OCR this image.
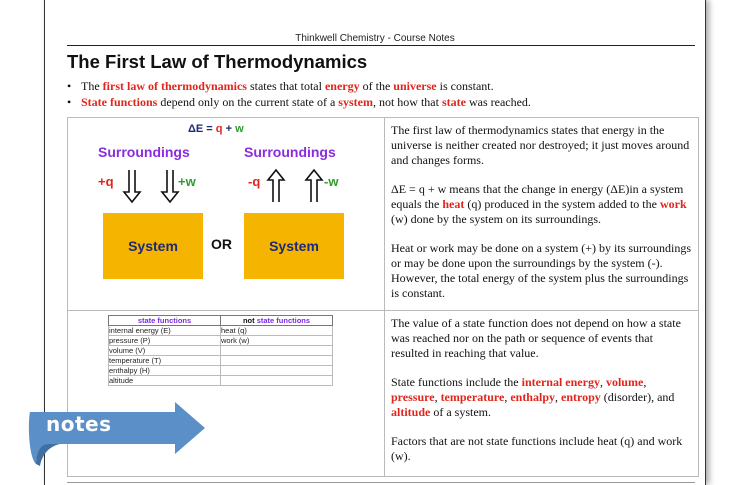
Thinkwell Chemistry - Course Notes
The First Law of Thermodynamics
• The first law of thermodynamics states that total energy of the universe is constant.
• State functions depend only on the current state of a system, not how that state was reached.
ΔE = q + w
Surroundings	Surroundings
+q	+w	-q	-w
System	OR	System

The first law of thermodynamics states that energy in the universe is neither created nor destroyed; it just moves around and changes forms.

ΔE = q + w means that the change in energy (ΔE)in a system equals the heat (q) produced in the system added to the work (w) done by the system on its surroundings.

Heat or work may be done on a system (+) by its surroundings or may be done upon the surroundings by the system (-). However, the total energy of the system plus the surroundings is constant.

state functions	not state functions
internal energy (E)	heat (q)
pressure (P)	work (w)
volume (V)	
temperature (T)	
enthalpy (H)	
altitude	

The value of a state function does not depend on how a state was reached nor on the path or sequence of events that resulted in reaching that value.

State functions include the internal energy, volume, pressure, temperature, enthalpy, entropy (disorder), and altitude of a system.

Factors that are not state functions include heat (q) and work (w).

notes
